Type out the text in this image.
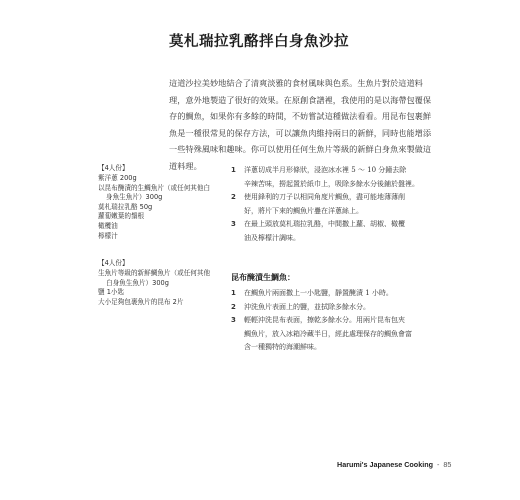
莫札瑞拉乳酪拌白身魚沙拉

這道沙拉美妙地結合了清爽淡雅的食材風味與色系。生魚片對於這道料
理，意外地製造了很好的效果。在原創食譜裡，我使用的是以海帶包覆保
存的鯛魚，如果你有多餘的時間，不妨嘗試這種做法看看。用昆布包裹鮮
魚是一種很常見的保存方法，可以讓魚肉維持兩日的新鮮，同時也能增添
一些特殊風味和趣味。你可以使用任何生魚片等級的新鮮白身魚來製做這
道料理。

【4人份】
紫洋蔥 200g
以昆布醃漬的生鯛魚片（或任何其他白
身魚生魚片）300g
莫札瑞拉乳酪 50g
蘿蔔嫩葉的鬚根
橄欖油
檸檬汁
1 洋蔥切成半月形條狀，浸泡冰水裡 5 ～ 10 分鐘去除
辛辣苦味，撈起置於紙巾上，吸除多餘水分後鋪於盤裡。
2 使用鋒利的刀子以相同角度片鯛魚，盡可能地薄薄削
好，將片下來的鯛魚片疊在洋蔥絲上。
3 在最上頭放莫札瑞拉乳酪，中間撒上蘿、胡椒、橄欖
油及檸檬汁調味。
【4人份】
生魚片等級的新鮮鯛魚片（或任何其他
白身魚生魚片）300g
鹽 1小匙
大小足夠包裹魚片的昆布 2片
昆布醃漬生鯛魚：
1 在鯛魚片兩面撒上一小匙鹽，靜置醃漬 1 小時。
2 沖洗魚片表面上的鹽，並拭除多餘水分。
3 輕輕沖洗昆布表面，擦乾多餘水分。用兩片昆布包夾
鯛魚片，放入冰箱冷藏半日，經此處理保存的鯛魚會富
含一種獨特的海潮鮮味。
Harumi's Japanese Cooking - 85
